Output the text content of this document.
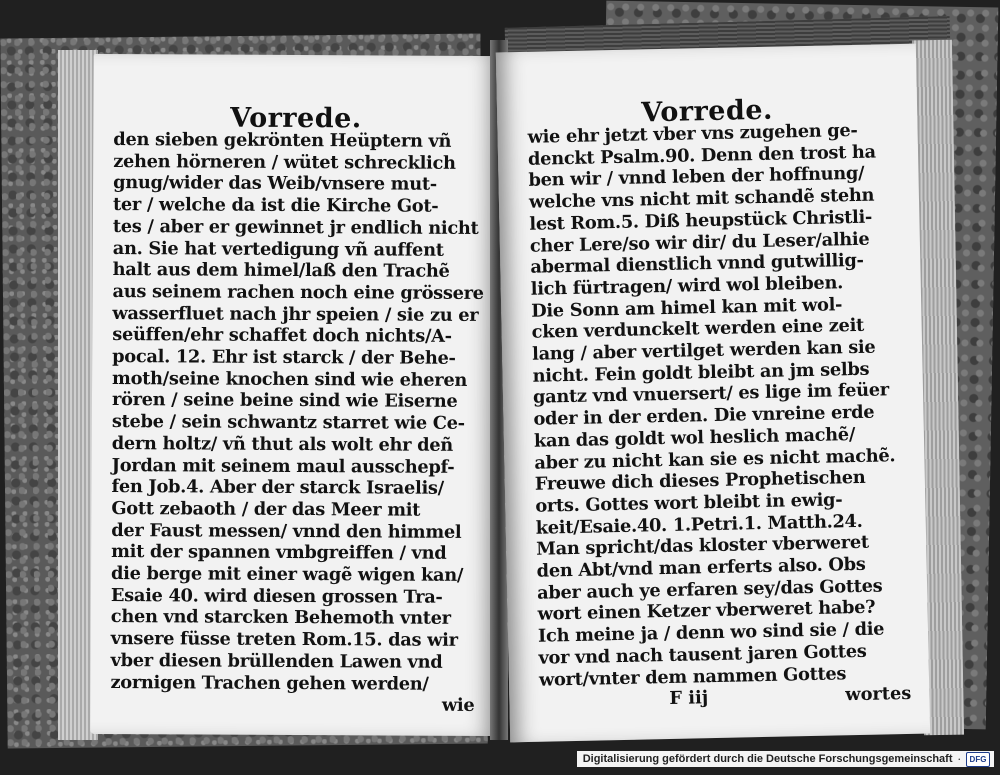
Vorrede.
den sieben gekrönten Heüptern vñ
zehen hörneren / wütet schrecklich
gnug/wider das Weib/vnsere mut-
ter / welche da ist die Kirche Got-
tes / aber er gewinnet jr endlich nicht
an. Sie hat vertedigung vñ auffent
halt aus dem himel/laß den Trachẽ
aus seinem rachen noch eine grössere
wasserfluet nach jhr speien / sie zu er
seüffen/ehr schaffet doch nichts/A-
pocal. 12. Ehr ist starck / der Behe-
moth/seine knochen sind wie eheren
rören / seine beine sind wie Eiserne
stebe / sein schwantz starret wie Ce-
dern holtz/ vñ thut als wolt ehr deñ
Jordan mit seinem maul ausschepf-
fen Job.4. Aber der starck Israelis/
Gott zebaoth / der das Meer mit
der Faust messen/ vnnd den himmel
mit der spannen vmbgreiffen / vnd
die berge mit einer wagẽ wigen kan/
Esaie 40. wird diesen grossen Tra-
chen vnd starcken Behemoth vnter
vnsere füsse treten Rom.15. das wir
vber diesen brüllenden Lawen vnd
zornigen Trachen gehen werden/
wie
Vorrede.
wie ehr jetzt vber vns zugehen ge-
denckt Psalm.90. Denn den trost ha
ben wir / vnnd leben der hoffnung/
welche vns nicht mit schandẽ stehn
lest Rom.5. Diß heupstück Christli-
cher Lere/so wir dir/ du Leser/alhie
abermal dienstlich vnnd gutwillig-
lich fürtragen/ wird wol bleiben.
Die Sonn am himel kan mit wol-
cken verdunckelt werden eine zeit
lang / aber vertilget werden kan sie
nicht. Fein goldt bleibt an jm selbs
gantz vnd vnuersert/ es lige im feüer
oder in der erden. Die vnreine erde
kan das goldt wol heslich machẽ/
aber zu nicht kan sie es nicht machẽ.
Freuwe dich dieses Prophetischen
orts. Gottes wort bleibt in ewig-
keit/Esaie.40. 1.Petri.1. Matth.24.
Man spricht/das kloster vberweret
den Abt/vnd man erferts also. Obs
aber auch ye erfaren sey/das Gottes
wort einen Ketzer vberweret habe?
Ich meine ja / denn wo sind sie / die
vor vnd nach tausent jaren Gottes
wort/vnter dem nammen Gottes
F iij	wortes
Digitalisierung gefördert durch die Deutsche Forschungsgemeinschaft ·	DFG
